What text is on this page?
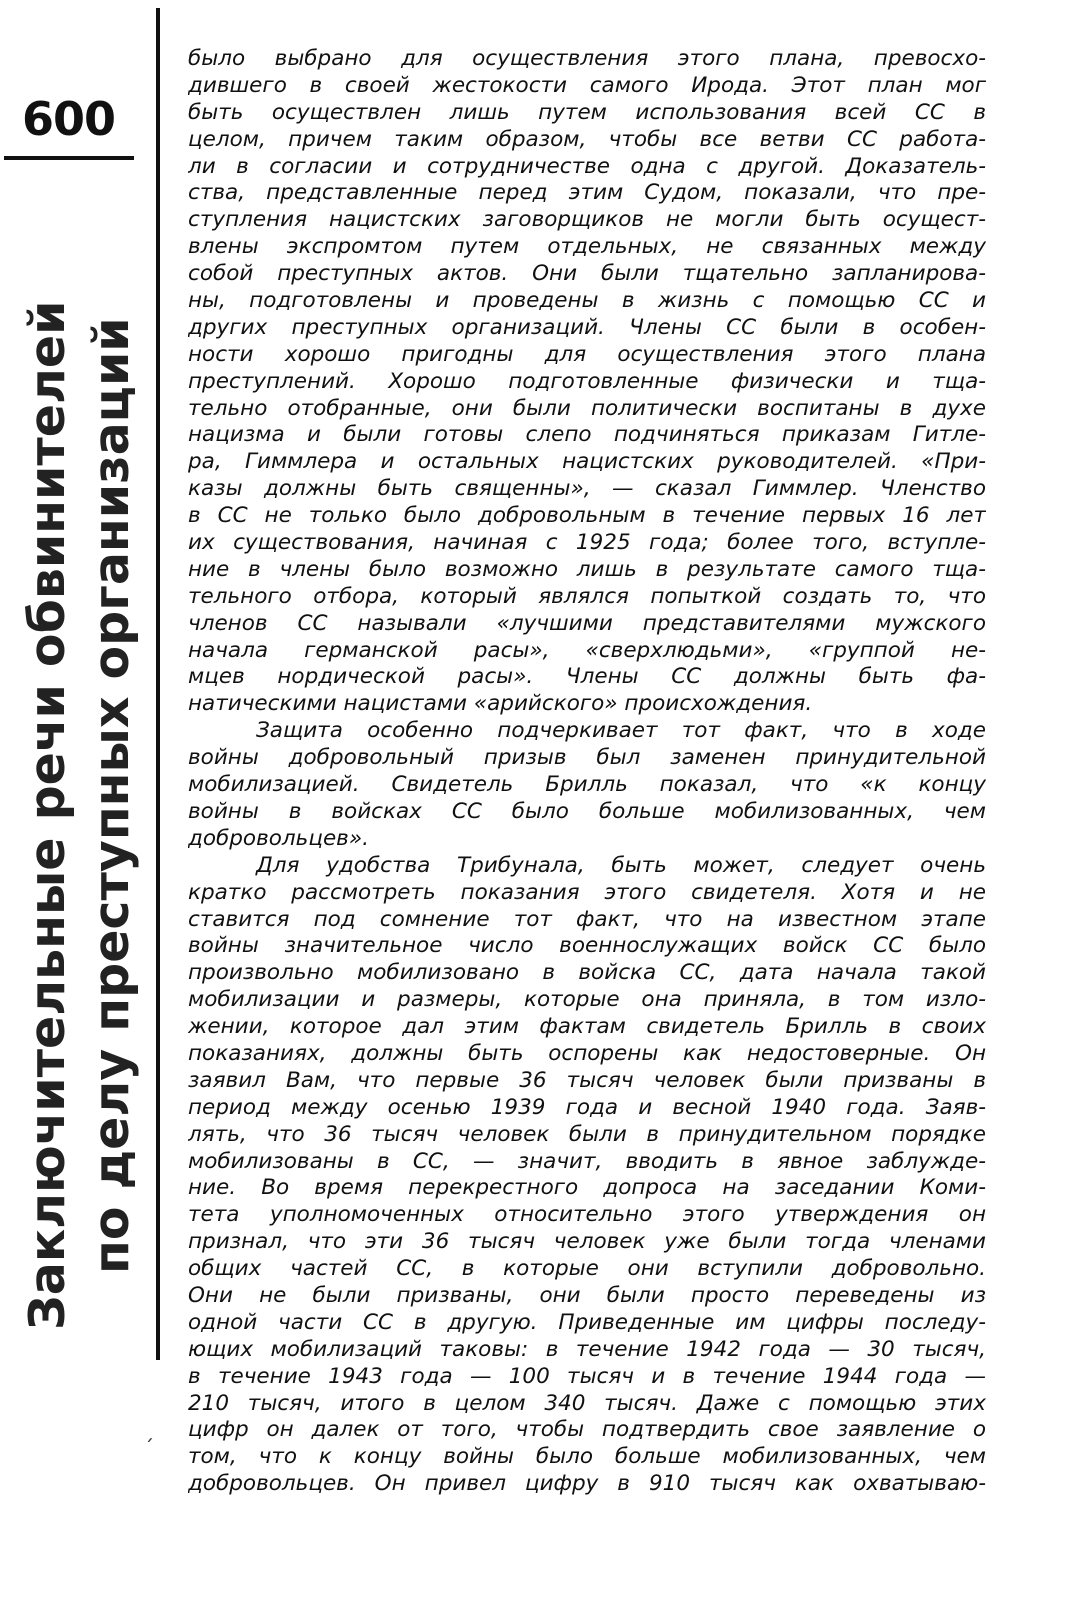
600
Заключительные речи обвинителей по делу преступных организаций
было выбрано для осуществления этого плана, превосхо-
дившего в своей жестокости самого Ирода. Этот план мог
быть осуществлен лишь путем использования всей СС в
целом, причем таким образом, чтобы все ветви СС работа-
ли в согласии и сотрудничестве одна с другой. Доказатель-
ства, представленные перед этим Судом, показали, что пре-
ступления нацистских заговорщиков не могли быть осущест-
влены экспромтом путем отдельных, не связанных между
собой преступных актов. Они были тщательно запланирова-
ны, подготовлены и проведены в жизнь с помощью СС и
других преступных организаций. Члены СС были в особен-
ности хорошо пригодны для осуществления этого плана
преступлений. Хорошо подготовленные физически и тща-
тельно отобранные, они были политически воспитаны в духе
нацизма и были готовы слепо подчиняться приказам Гитле-
ра, Гиммлера и остальных нацистских руководителей. «При-
казы должны быть священны», — сказал Гиммлер. Членство
в СС не только было добровольным в течение первых 16 лет
их существования, начиная с 1925 года; более того, вступле-
ние в члены было возможно лишь в результате самого тща-
тельного отбора, который являлся попыткой создать то, что
членов СС называли «лучшими представителями мужского
начала германской расы», «сверхлюдьми», «группой не-
мцев нордической расы». Члены СС должны быть фа-
натическими нацистами «арийского» происхождения.
Защита особенно подчеркивает тот факт, что в ходе
войны добровольный призыв был заменен принудительной
мобилизацией. Свидетель Брилль показал, что «к концу
войны в войсках СС было больше мобилизованных, чем
добровольцев».
Для удобства Трибунала, быть может, следует очень
кратко рассмотреть показания этого свидетеля. Хотя и не
ставится под сомнение тот факт, что на известном этапе
войны значительное число военнослужащих войск СС было
произвольно мобилизовано в войска СС, дата начала такой
мобилизации и размеры, которые она приняла, в том изло-
жении, которое дал этим фактам свидетель Брилль в своих
показаниях, должны быть оспорены как недостоверные. Он
заявил Вам, что первые 36 тысяч человек были призваны в
период между осенью 1939 года и весной 1940 года. Заяв-
лять, что 36 тысяч человек были в принудительном порядке
мобилизованы в СС, — значит, вводить в явное заблужде-
ние. Во время перекрестного допроса на заседании Коми-
тета уполномоченных относительно этого утверждения он
признал, что эти 36 тысяч человек уже были тогда членами
общих частей СС, в которые они вступили добровольно.
Они не были призваны, они были просто переведены из
одной части СС в другую. Приведенные им цифры последу-
ющих мобилизаций таковы: в течение 1942 года — 30 тысяч,
в течение 1943 года — 100 тысяч и в течение 1944 года —
210 тысяч, итого в целом 340 тысяч. Даже с помощью этих
цифр он далек от того, чтобы подтвердить свое заявление о
том, что к концу войны было больше мобилизованных, чем
добровольцев. Он привел цифру в 910 тысяч как охватываю-
ˏ
